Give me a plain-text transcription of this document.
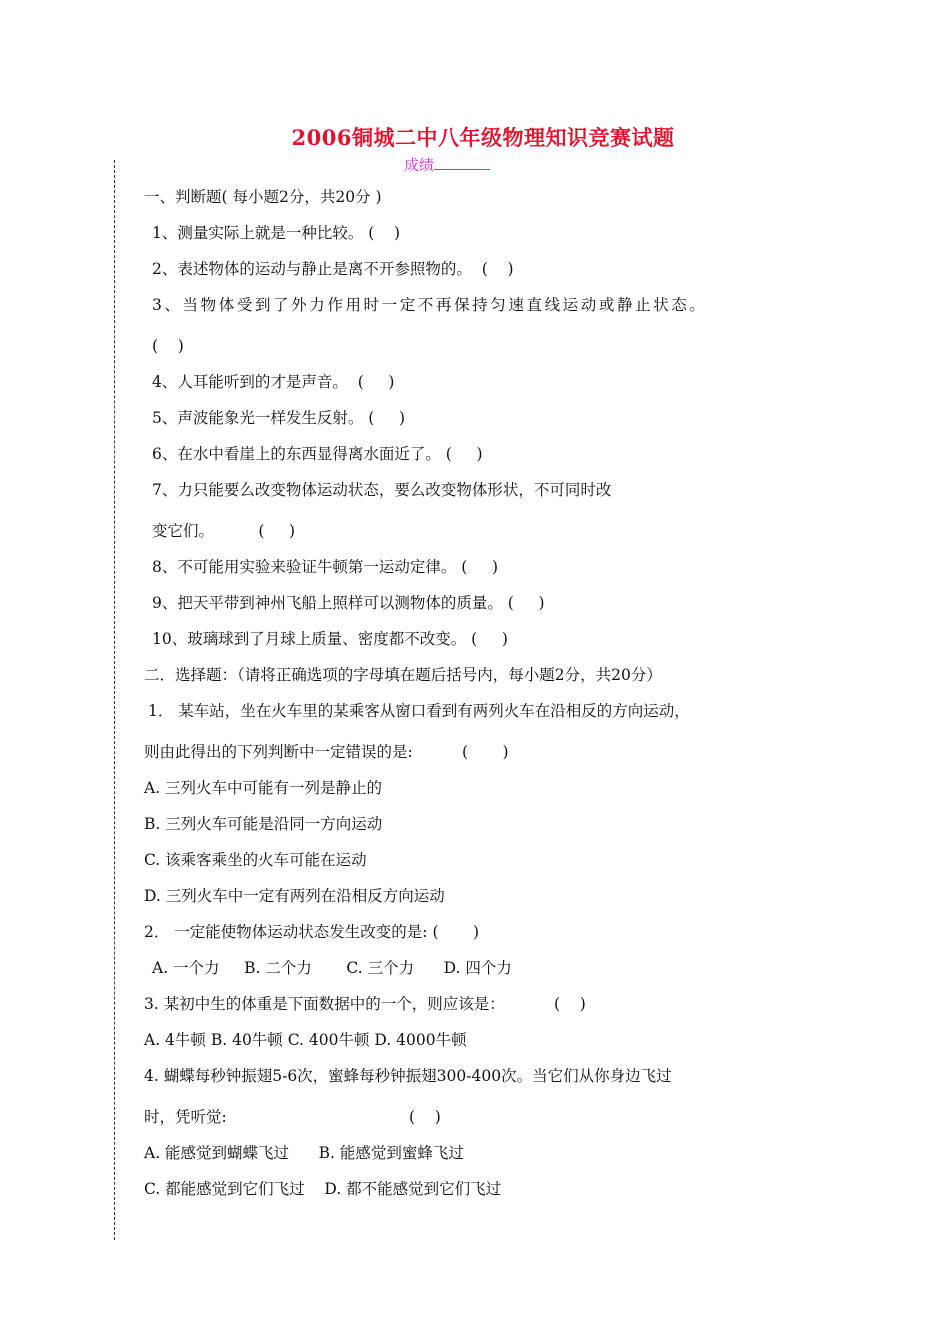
2006铜城二中八年级物理知识竞赛试题
成绩
一、判断题( 每小题2分，共20分 )
1、测量实际上就是一种比较。 (    )
2、表述物体的运动与静止是离不开参照物的。  (    )
3、当物体受到了外力作用时一定不再保持匀速直线运动或静止状态。
(    )
4、人耳能听到的才是声音。  (     )
5、声波能象光一样发生反射。 (     )
6、在水中看崖上的东西显得离水面近了。 (     )
7、力只能要么改变物体运动状态，要么改变物体形状，不可同时改
变它们。         (     )
8、不可能用实验来验证牛顿第一运动定律。 (     )
9、把天平带到神州飞船上照样可以测物体的质量。 (     )
10、玻璃球到了月球上质量、密度都不改变。 (     )
二．选择题：（请将正确选项的字母填在题后括号内，每小题2分，共20分）
1． 某车站，坐在火车里的某乘客从窗口看到有两列火车在沿相反的方向运动，
则由此得出的下列判断中一定错误的是:          (       )
A. 三列火车中可能有一列是静止的
B. 三列火车可能是沿同一方向运动
C. 该乘客乘坐的火车可能在运动
D. 三列火车中一定有两列在沿相反方向运动
2． 一定能使物体运动状态发生改变的是: (       )
A. 一个力     B. 二个力       C. 三个力      D. 四个力
3. 某初中生的体重是下面数据中的一个，则应该是：          (    )
A. 4牛顿 B. 40牛顿 C. 400牛顿 D. 4000牛顿
4. 蝴蝶每秒钟振翅5-6次，蜜蜂每秒钟振翅300-400次。当它们从你身边飞过
时，凭听觉:                                     (    )
A. 能感觉到蝴蝶飞过      B. 能感觉到蜜蜂飞过
C. 都能感觉到它们飞过    D. 都不能感觉到它们飞过
